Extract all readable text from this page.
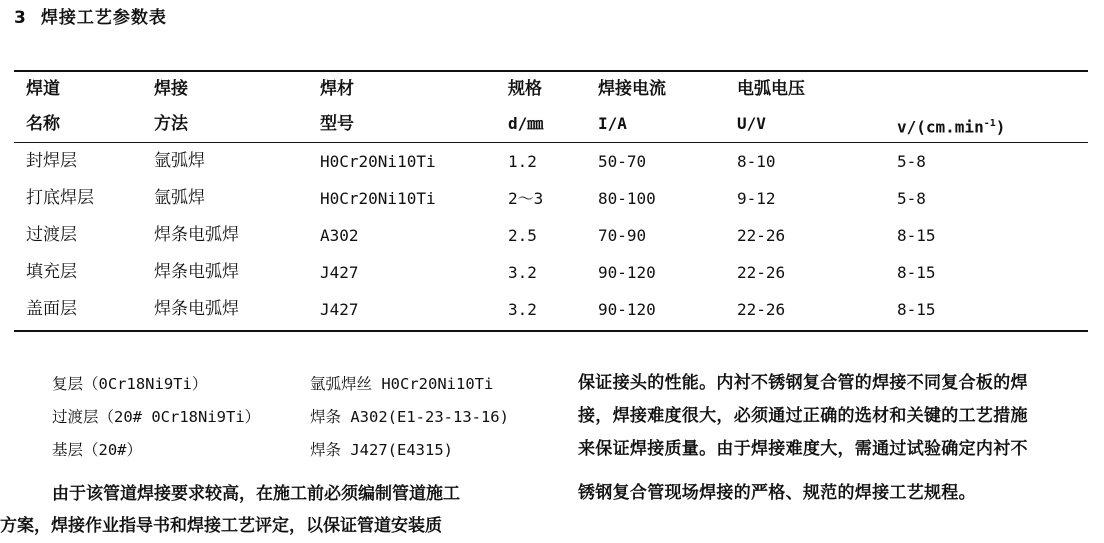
3 焊接工艺参数表
焊道	焊接	焊材	规格	焊接电流	电弧电压
名称	方法	型号	d/㎜	I/A	U/V	$v/(cm.\min^{-1})$
封焊层	氩弧焊	H0Cr20Ni10Ti	1.2	50-70	8-10	5-8
打底焊层	氩弧焊	H0Cr20Ni10Ti	2～3	80-100	9-12	5-8
过渡层	焊条电弧焊	A302	2.5	70-90	22-26	8-15
填充层	焊条电弧焊	J427	3.2	90-120	22-26	8-15
盖面层	焊条电弧焊	J427	3.2	90-120	22-26	8-15
复层（0Cr18Ni9Ti）	氩弧焊丝 H0Cr20Ni10Ti
过渡层（20# 0Cr18Ni9Ti）	焊条 A302(E1-23-13-16)
基层（20#）	焊条 J427(E4315)
由于该管道焊接要求较高，在施工前必须编制管道施工
方案，焊接作业指导书和焊接工艺评定，以保证管道安装质
保证接头的性能。内衬不锈钢复合管的焊接不同复合板的焊
接，焊接难度很大，必须通过正确的选材和关键的工艺措施
来保证焊接质量。由于焊接难度大，需通过试验确定内衬不
锈钢复合管现场焊接的严格、规范的焊接工艺规程。
